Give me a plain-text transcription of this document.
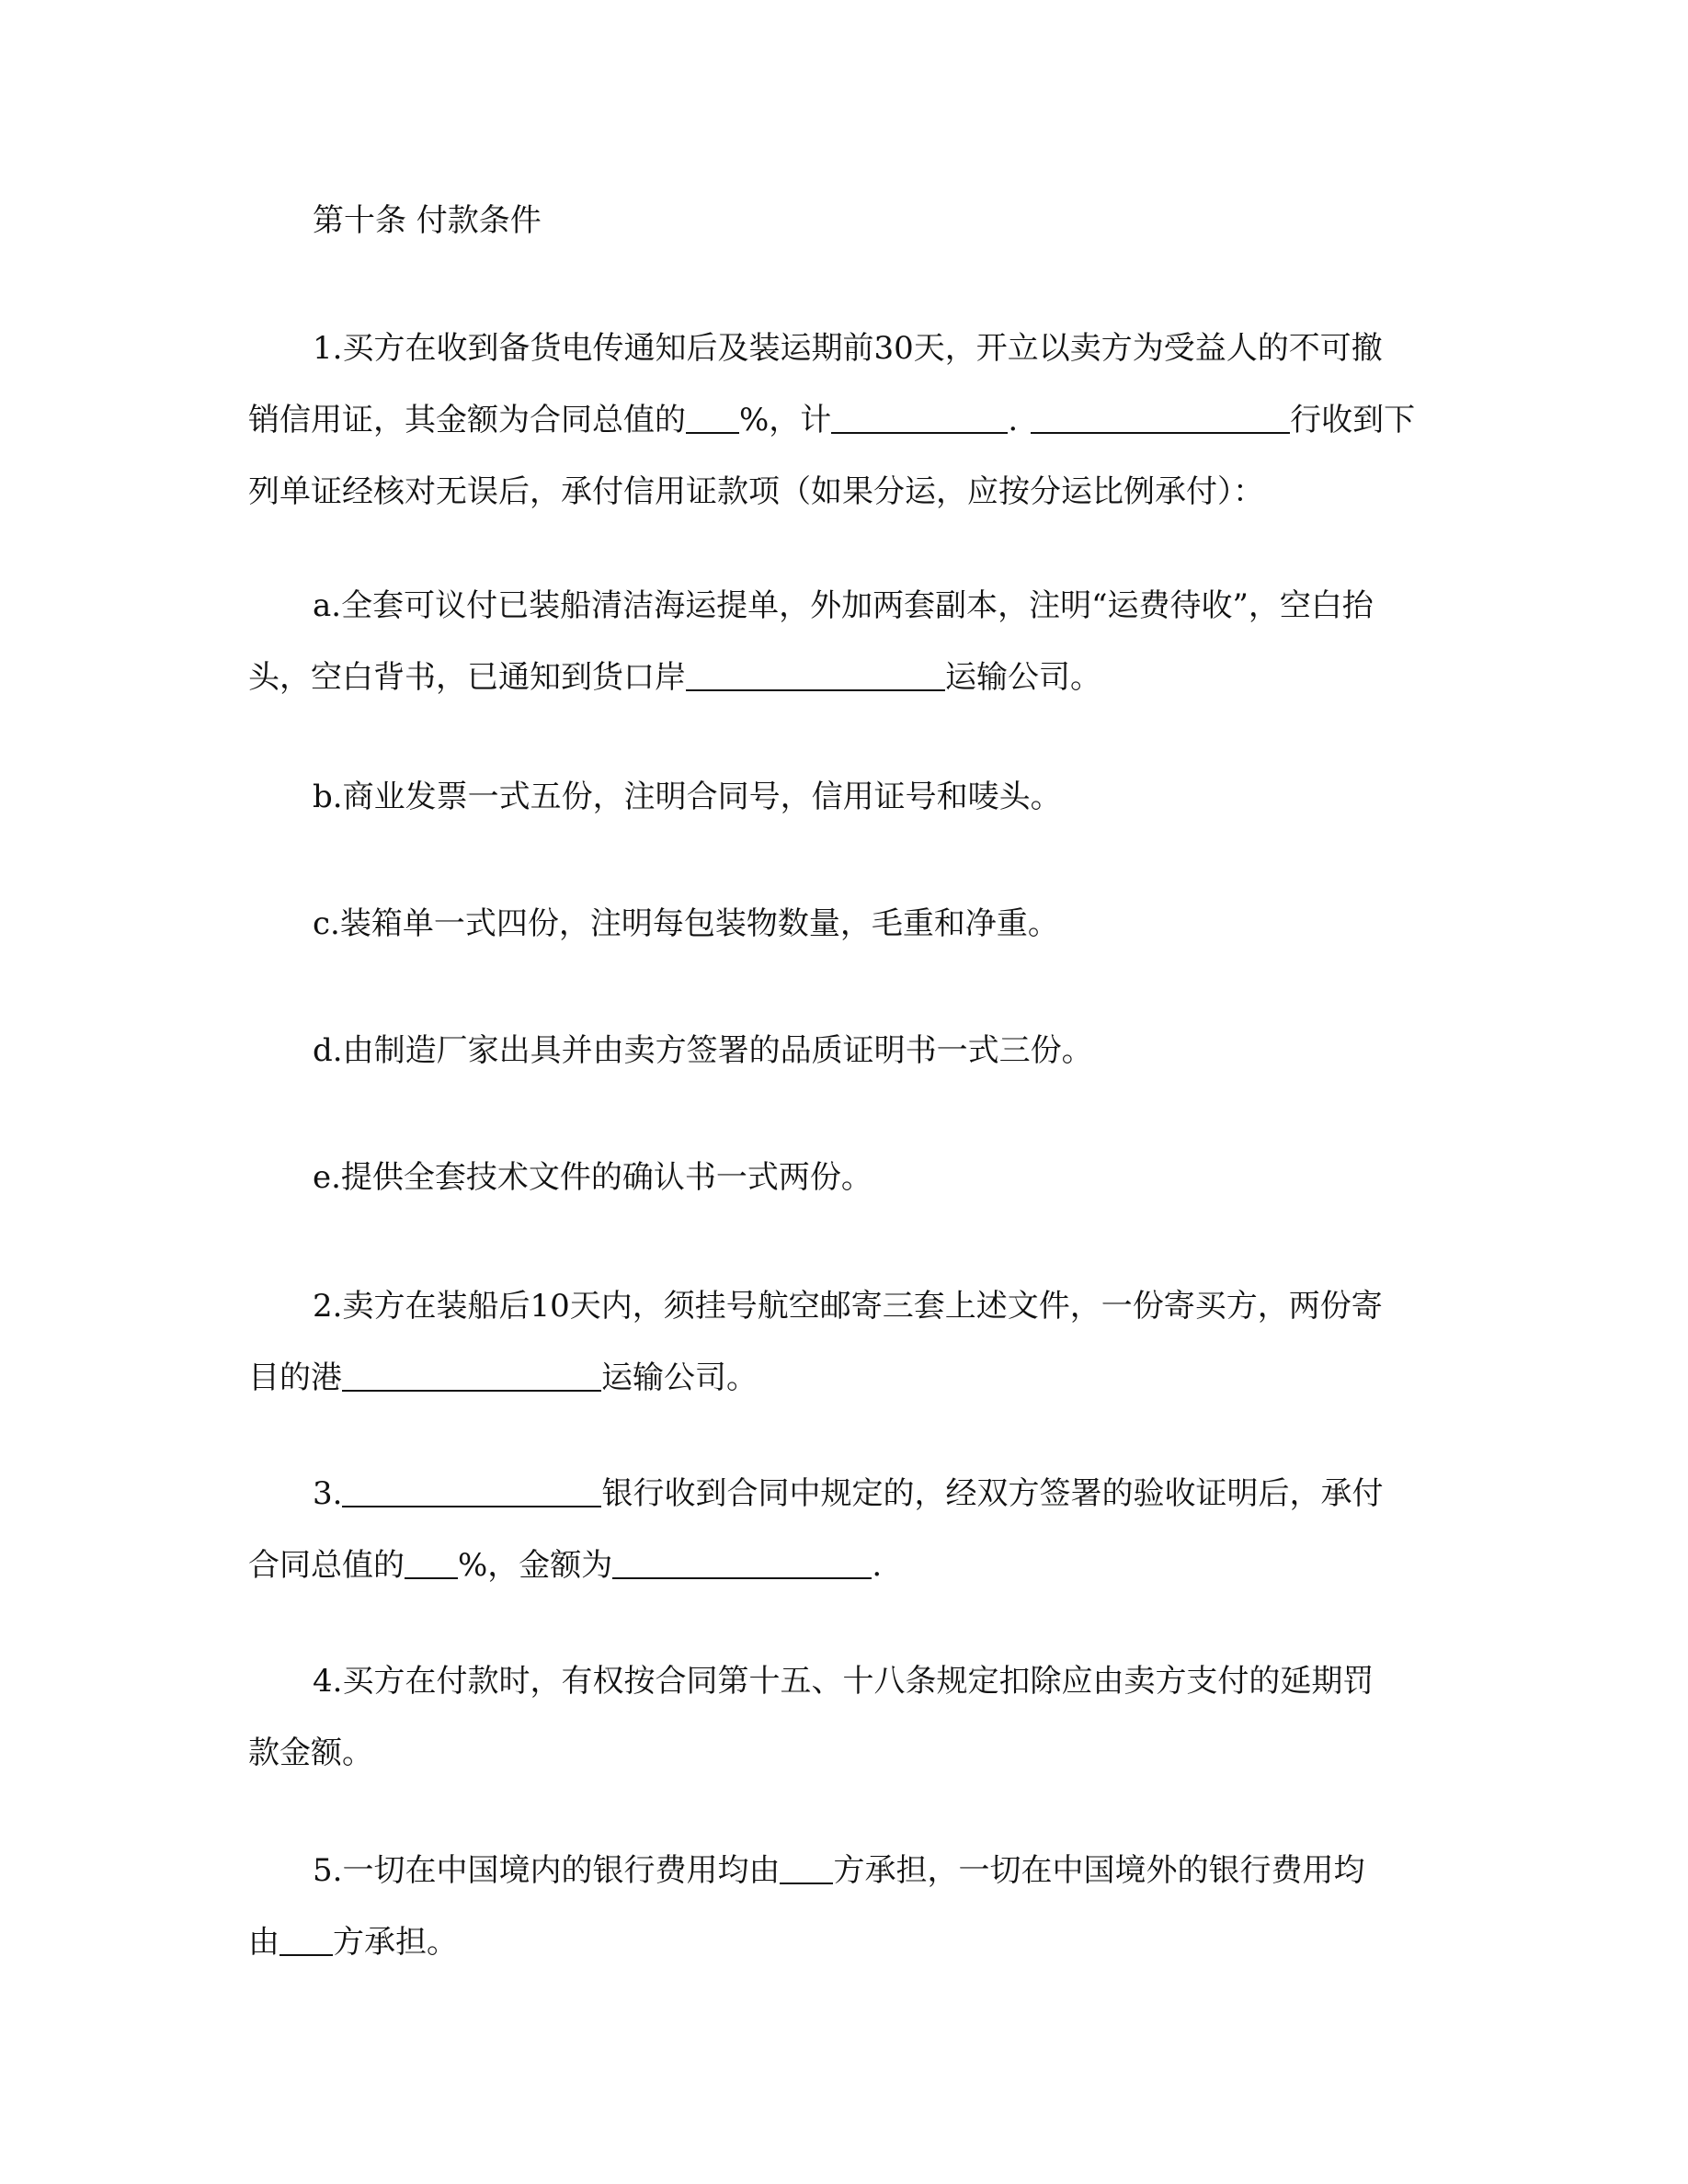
第十条 付款条件
1.买方在收到备货电传通知后及装运期前30天，开立以卖方为受益人的不可撤
销信用证，其金额为合同总值的 %，计	.	行收到下
列单证经核对无误后，承付信用证款项（如果分运，应按分运比例承付）：
a.全套可议付已装船清洁海运提单，外加两套副本，注明“运费待收”，空白抬
头，空白背书，已通知到货口岸	运输公司。
b.商业发票一式五份，注明合同号，信用证号和唛头。
c.装箱单一式四份，注明每包装物数量，毛重和净重。
d.由制造厂家出具并由卖方签署的品质证明书一式三份。
e.提供全套技术文件的确认书一式两份。
2.卖方在装船后10天内，须挂号航空邮寄三套上述文件，一份寄买方，两份寄
目的港	运输公司。
3.	银行收到合同中规定的，经双方签署的验收证明后，承付
合同总值的 %，金额为	.
4.买方在付款时，有权按合同第十五、十八条规定扣除应由卖方支付的延期罚
款金额。
5.一切在中国境内的银行费用均由 方承担，一切在中国境外的银行费用均
由 方承担。
